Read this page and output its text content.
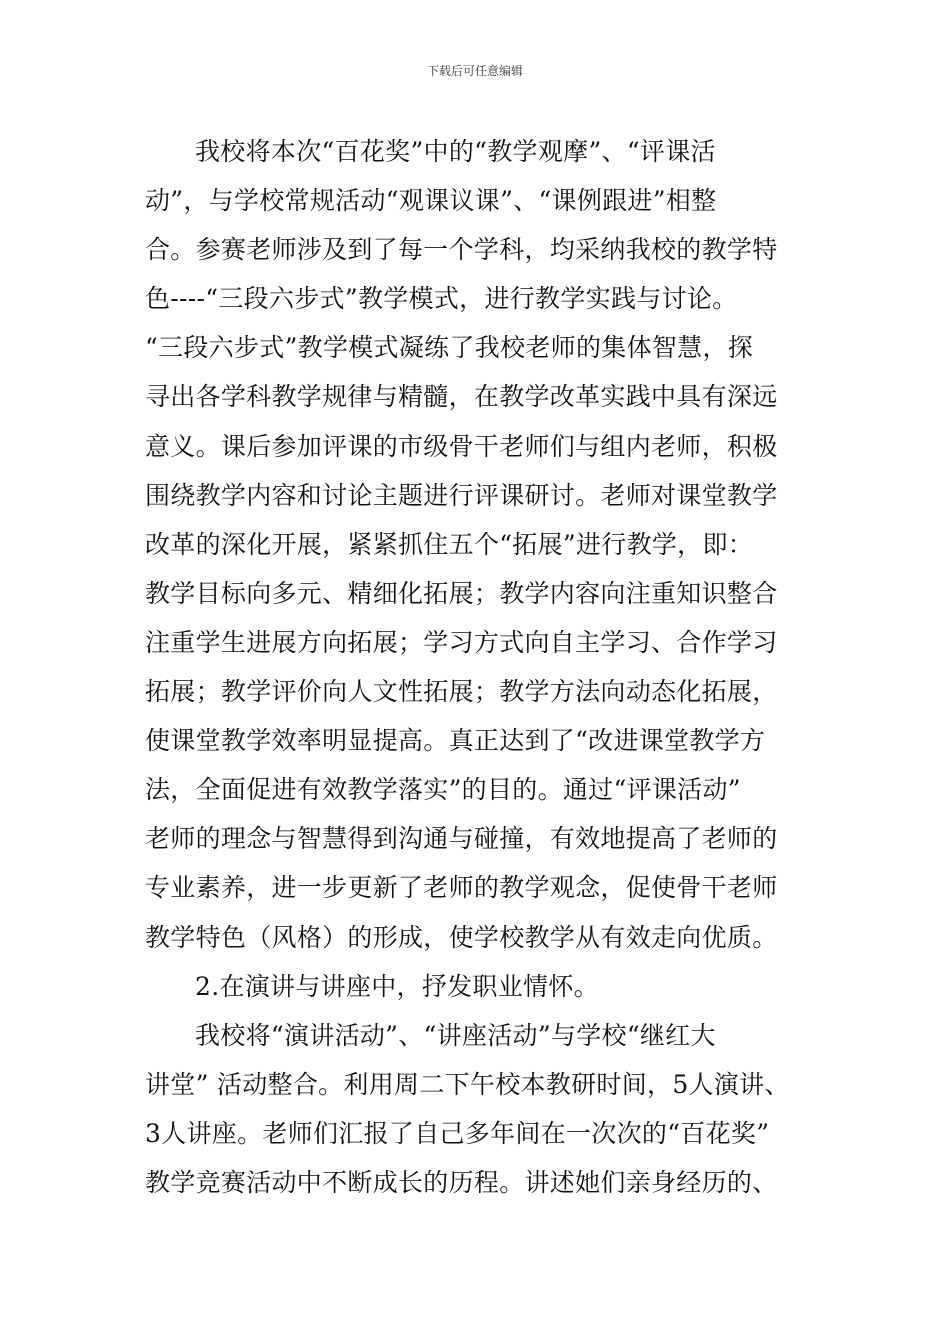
下载后可任意编辑
我校将本次“百花奖”中的“教学观摩”、“评课活
动”，与学校常规活动“观课议课”、“课例跟进”相整
合。参赛老师涉及到了每一个学科，均采纳我校的教学特
色----“三段六步式”教学模式，进行教学实践与讨论。
“三段六步式”教学模式凝练了我校老师的集体智慧，探
寻出各学科教学规律与精髓，在教学改革实践中具有深远
意义。课后参加评课的市级骨干老师们与组内老师，积极
围绕教学内容和讨论主题进行评课研讨。老师对课堂教学
改革的深化开展，紧紧抓住五个“拓展”进行教学，即：
教学目标向多元、精细化拓展；教学内容向注重知识整合
注重学生进展方向拓展；学习方式向自主学习、合作学习
拓展；教学评价向人文性拓展；教学方法向动态化拓展，
使课堂教学效率明显提高。真正达到了“改进课堂教学方
法，全面促进有效教学落实”的目的。通过“评课活动”
老师的理念与智慧得到沟通与碰撞，有效地提高了老师的
专业素养，进一步更新了老师的教学观念，促使骨干老师
教学特色（风格）的形成，使学校教学从有效走向优质。
2.在演讲与讲座中，抒发职业情怀。
我校将“演讲活动”、“讲座活动”与学校“继红大
讲堂” 活动整合。利用周二下午校本教研时间，5人演讲、
3人讲座。老师们汇报了自己多年间在一次次的“百花奖”
教学竞赛活动中不断成长的历程。讲述她们亲身经历的、
